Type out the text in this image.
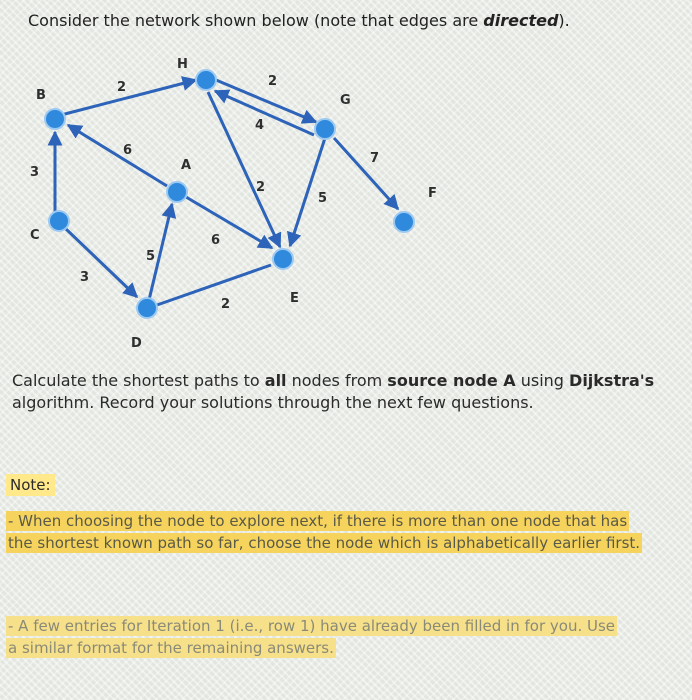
Consider the network shown below (note that edges are directed).

H
B	G
A
F
C
E
D
2	2
4
6
3
2
5
7
6
5
3
2

Calculate the shortest paths to all nodes from source node A using Dijkstra's algorithm. Record your solutions through the next few questions.

Note:

- When choosing the node to explore next, if there is more than one node that has the shortest known path so far, choose the node which is alphabetically earlier first.

- A few entries for Iteration 1 (i.e., row 1) have already been filled in for you. Use a similar format for the remaining answers.
